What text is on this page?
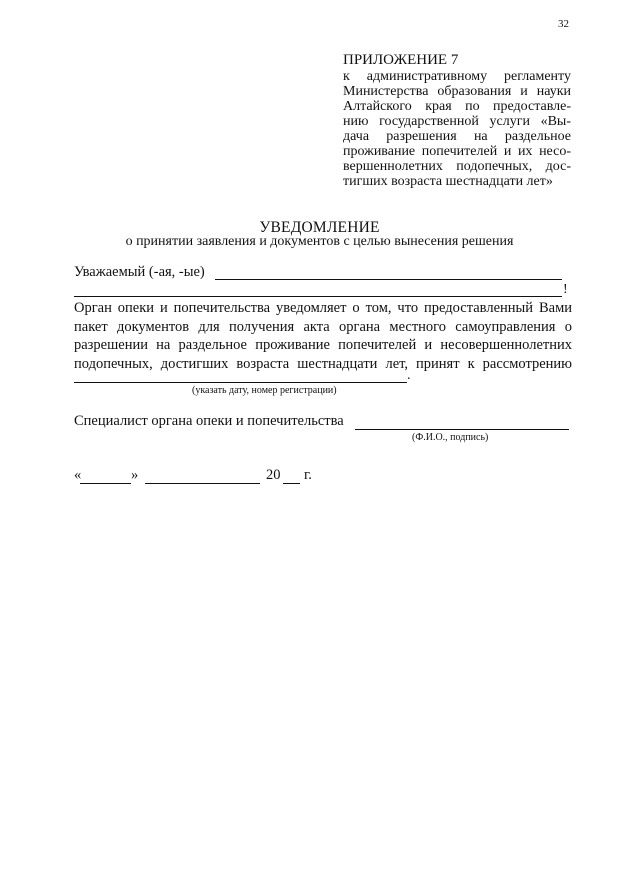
32
ПРИЛОЖЕНИЕ 7
к административному регламенту
Министерства образования и науки
Алтайского края по предоставле-
нию государственной услуги «Вы-
дача разрешения на раздельное
проживание попечителей и их несо-
вершеннолетних подопечных, дос-
тигших возраста шестнадцати лет»
УВЕДОМЛЕНИЕ
о принятии заявления и документов с целью вынесения решения
Уважаемый (-ая, -ые)
!
Орган опеки и попечительства уведомляет о том, что предоставленный Вами
пакет документов для получения акта органа местного самоуправления о
разрешении на раздельное проживание попечителей и несовершеннолетних
подопечных, достигших возраста шестнадцати лет, принят к рассмотрению
.
(указать дату, номер регистрации)
Специалист органа опеки и попечительства
(Ф.И.О., подпись)
«	»	20 г.
